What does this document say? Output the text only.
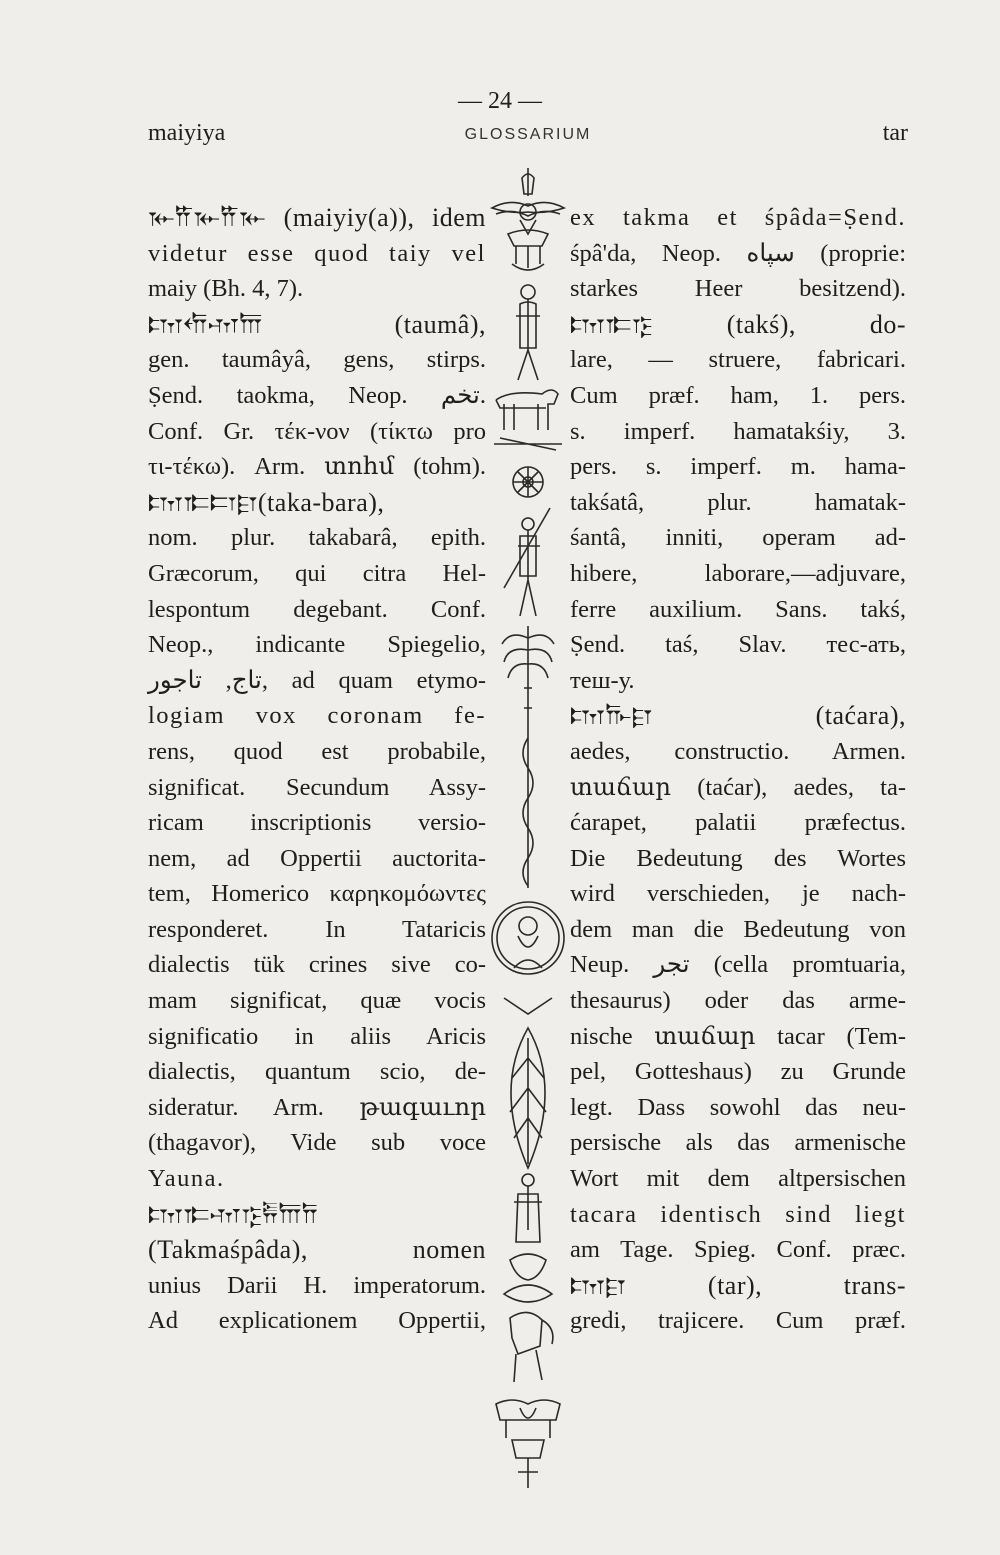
— 24 —
maiyiya	GLOSSARIUM	tar
𐎹𐎡𐎹𐎡𐎹 (maiyiy(a)), idem
videtur esse quod taiy vel
maiy (Bh. 4, 7).
𐎫𐎢𐎶𐎠 (taumâ),
gen. taumâyâ, gens, stirps.
Ṣend. taokma, Neop. تخم.
Conf. Gr. τέκ-νον (τίκτω pro
τι-τέκω). Arm. տոհմ (tohm).
𐎫𐎣𐎲𐎼(taka-bara),
nom. plur. takabarâ, epith.
Græcorum, qui citra Hel-
lespontum degebant. Conf.
Neop., indicante Spiegelio,
تاج, تاجور, ad quam etymo-
logiam vox coronam fe-
rens, quod est probabile,
significat. Secundum Assy-
ricam inscriptionis versio-
nem, ad Oppertii auctorita-
tem, Homerico καρηκομόωντες
responderet. In Tataricis
dialectis tük crines sive co-
mam significat, quæ vocis
significatio in aliis Aricis
dialectis, quantum scio, de-
sideratur. Arm. թագաւոր
(thagavor), Vide sub voce
Yauna.
𐎫𐎣𐎶𐎿𐎱𐎠𐎭
(Takmaśpâda), nomen
unius Darii H. imperatorum.
Ad explicationem Oppertii,
ex takma et śpâda=Ṣend.
śpâ'da, Neop. سپاه (proprie:
starkes Heer besitzend).
𐎫𐎣𐎿 (takś), do-
lare, — struere, fabricari.
Cum præf. ham, 1. pers.
s. imperf. hamatakśiy, 3.
pers. s. imperf. m. hama-
takśatâ, plur. hamatak-
śantâ, inniti, operam ad-
hibere, laborare,—adjuvare,
ferre auxilium. Sans. takś,
Ṣend. taś, Slav. тес-ать,
теш-у.
𐎫𐎨𐎼 (taćara),
aedes, constructio. Armen.
տաճար (taćar), aedes, ta-
ćarapet, palatii præfectus.
Die Bedeutung des Wortes
wird verschieden, je nach-
dem man die Bedeutung von
Neup. تجر (cella promtuaria,
thesaurus) oder das arme-
nische տաճար tacar (Tem-
pel, Gotteshaus) zu Grunde
legt. Dass sowohl das neu-
persische als das armenische
Wort mit dem altpersischen
tacara identisch sind liegt
am Tage. Spieg. Conf. præc.
𐎫𐎼 (tar), trans-
gredi, trajicere. Cum præf.
